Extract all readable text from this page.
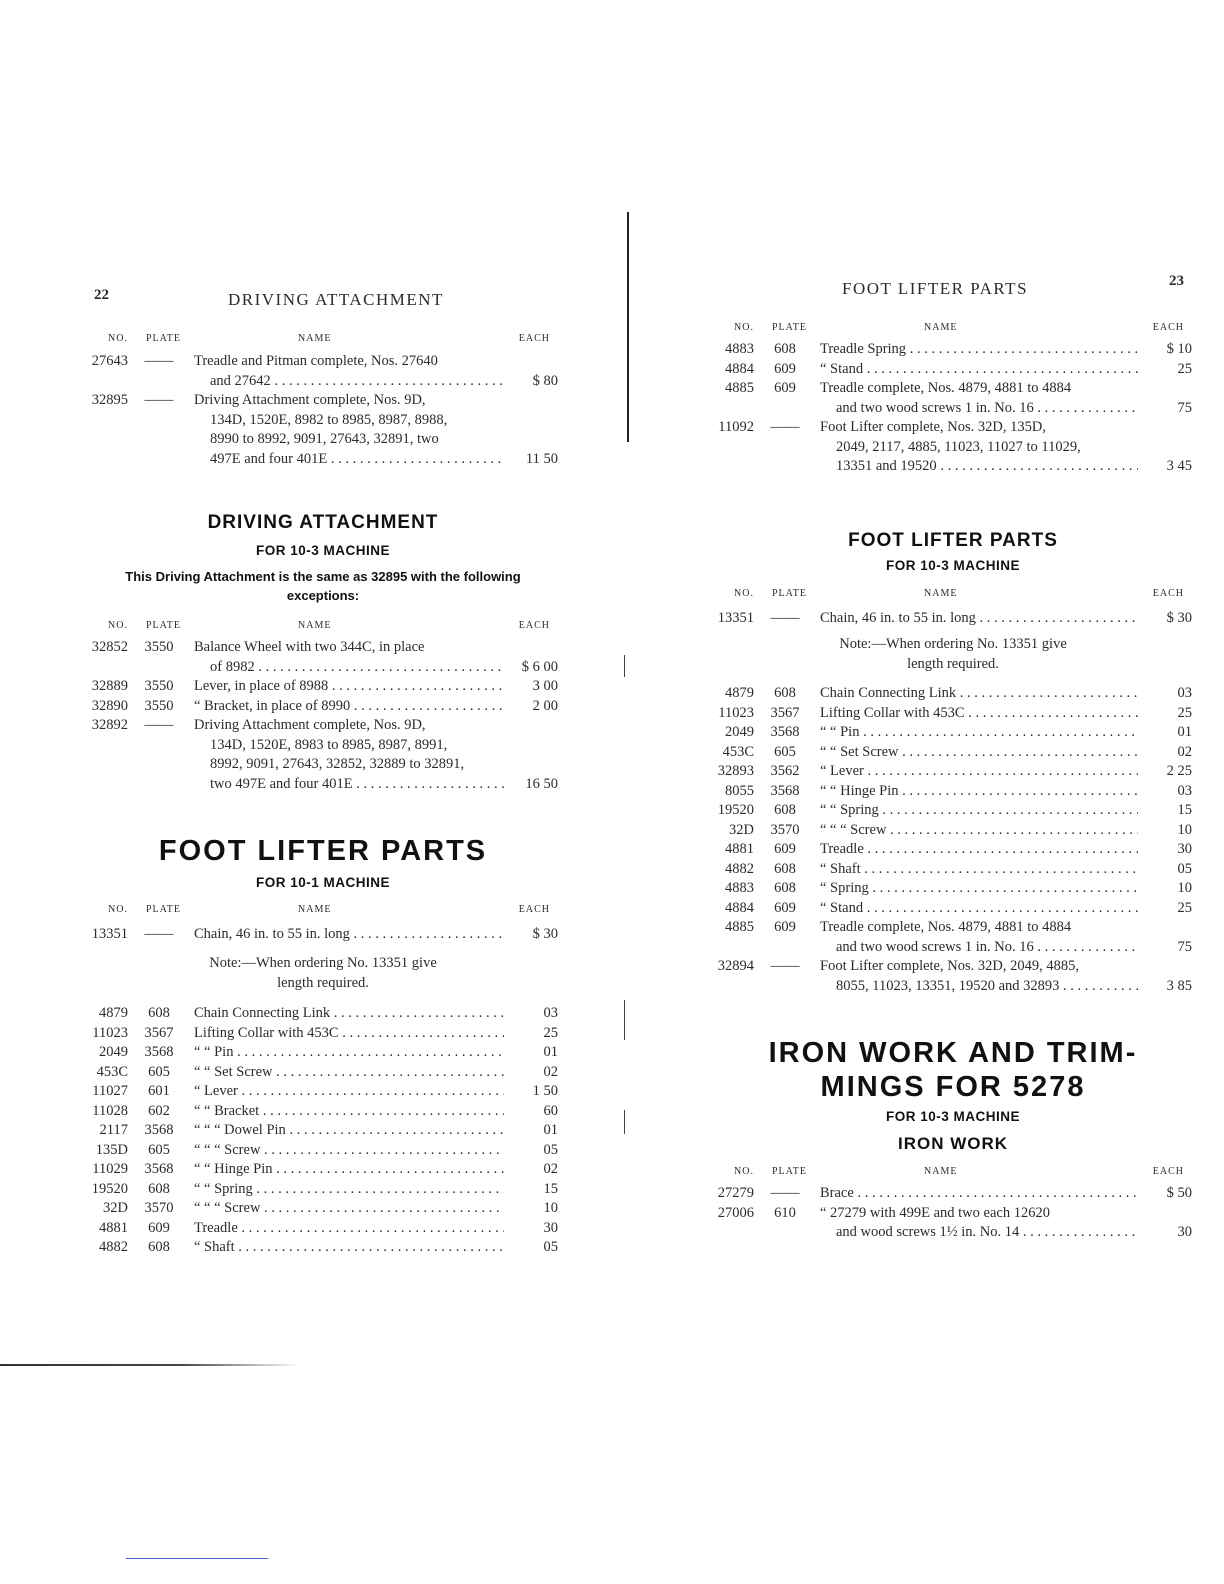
22	DRIVING ATTACHMENT
NO. PLATE	NAME	EACH
27643	——	Treadle and Pitman complete, Nos. 27640
and 27642 . . .	$ 80
32895	——	Driving Attachment complete, Nos. 9D,
134D, 1520E, 8982 to 8985, 8987, 8988,
8990 to 8992, 9091, 27643, 32891, two
497E and four 401E . . .	11 50
DRIVING ATTACHMENT
FOR 10-3 MACHINE
This Driving Attachment is the same as 32895 with the following
exceptions:
NO. PLATE	NAME	EACH
32852	3550	Balance Wheel with two 344C, in place
of 8982 . . .	$ 6 00
32889	3550	Lever, in place of 8988 . . .	3 00
32890	3550	“ Bracket, in place of 8990 . . .	2 00
32892	——	Driving Attachment complete, Nos. 9D,
134D, 1520E, 8983 to 8985, 8987, 8991,
8992, 9091, 27643, 32852, 32889 to 32891,
two 497E and four 401E . . .	16 50
FOOT LIFTER PARTS
FOR 10-1 MACHINE
NO. PLATE	NAME	EACH
13351	——	Chain, 46 in. to 55 in. long . . .	$ 30
Note:—When ordering No. 13351 give
length required.
4879	608	Chain Connecting Link . . .	03
11023	3567	Lifting Collar with 453C . . .	25
2049	3568	“ “ Pin . . .	01
453C	605	“ “ Set Screw . . .	02
11027	601	“ Lever . . .	1 50
11028	602	“ “ Bracket . . .	60
2117	3568	“ “ “ Dowel Pin . . .	01
135D	605	“ “ “ Screw . . .	05
11029	3568	“ “ Hinge Pin . . .	02
19520	608	“ “ Spring . . .	15
32D	3570	“ “ “ Screw . . .	10
4881	609	Treadle . . .	30
4882	608	“ Shaft . . .	05
FOOT LIFTER PARTS	23
NO. PLATE	NAME	EACH
4883	608	Treadle Spring . . .	$ 10
4884	609	“ Stand . . .	25
4885	609	Treadle complete, Nos. 4879, 4881 to 4884
and two wood screws 1 in. No. 16 . . .	75
11092	——	Foot Lifter complete, Nos. 32D, 135D,
2049, 2117, 4885, 11023, 11027 to 11029,
13351 and 19520 . . .	3 45
FOOT LIFTER PARTS
FOR 10-3 MACHINE
NO. PLATE	NAME	EACH
13351	——	Chain, 46 in. to 55 in. long . . .	$ 30
Note:—When ordering No. 13351 give
length required.
4879	608	Chain Connecting Link . . .	03
11023	3567	Lifting Collar with 453C . . .	25
2049	3568	“ “ Pin . . .	01
453C	605	“ “ Set Screw . . .	02
32893	3562	“ Lever . . .	2 25
8055	3568	“ “ Hinge Pin . . .	03
19520	608	“ “ Spring . . .	15
32D	3570	“ “ “ Screw . . .	10
4881	609	Treadle . . .	30
4882	608	“ Shaft . . .	05
4883	608	“ Spring . . .	10
4884	609	“ Stand . . .	25
4885	609	Treadle complete, Nos. 4879, 4881 to 4884
and two wood screws 1 in. No. 16 . . .	75
32894	——	Foot Lifter complete, Nos. 32D, 2049, 4885,
8055, 11023, 13351, 19520 and 32893 . . .	3 85
IRON WORK AND TRIM-
MINGS FOR 5278
FOR 10-3 MACHINE
IRON WORK
NO. PLATE	NAME	EACH
27279	——	Brace . . .	$ 50
27006	610	“ 27279 with 499E and two each 12620
and wood screws 1½ in. No. 14 . . .	30
